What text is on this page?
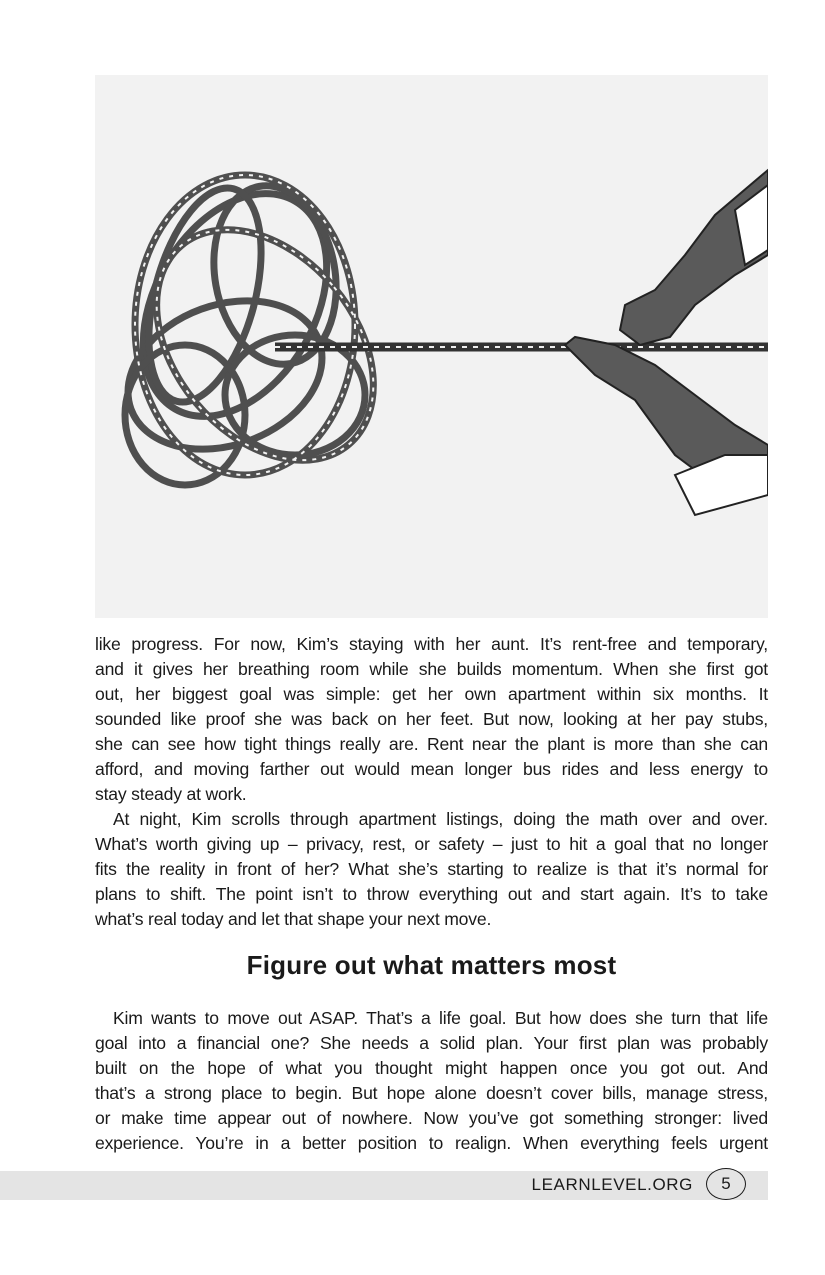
like progress. For now, Kim’s staying with her aunt. It’s rent-free and temporary,
and it gives her breathing room while she builds momentum. When she first got
out, her biggest goal was simple: get her own apartment within six months. It
sounded like proof she was back on her feet. But now, looking at her pay stubs,
she can see how tight things really are. Rent near the plant is more than she can
afford, and moving farther out would mean longer bus rides and less energy to
stay steady at work.
At night, Kim scrolls through apartment listings, doing the math over and over.
What’s worth giving up – privacy, rest, or safety – just to hit a goal that no longer
fits the reality in front of her? What she’s starting to realize is that it’s normal for
plans to shift. The point isn’t to throw everything out and start again. It’s to take
what’s real today and let that shape your next move.
Figure out what matters most
Kim wants to move out ASAP. That’s a life goal. But how does she turn that life
goal into a financial one? She needs a solid plan. Your first plan was probably
built on the hope of what you thought might happen once you got out. And
that’s a strong place to begin. But hope alone doesn’t cover bills, manage stress,
or make time appear out of nowhere. Now you’ve got something stronger: lived
experience. You’re in a better position to realign. When everything feels urgent
LEARNLEVEL.ORG	5
